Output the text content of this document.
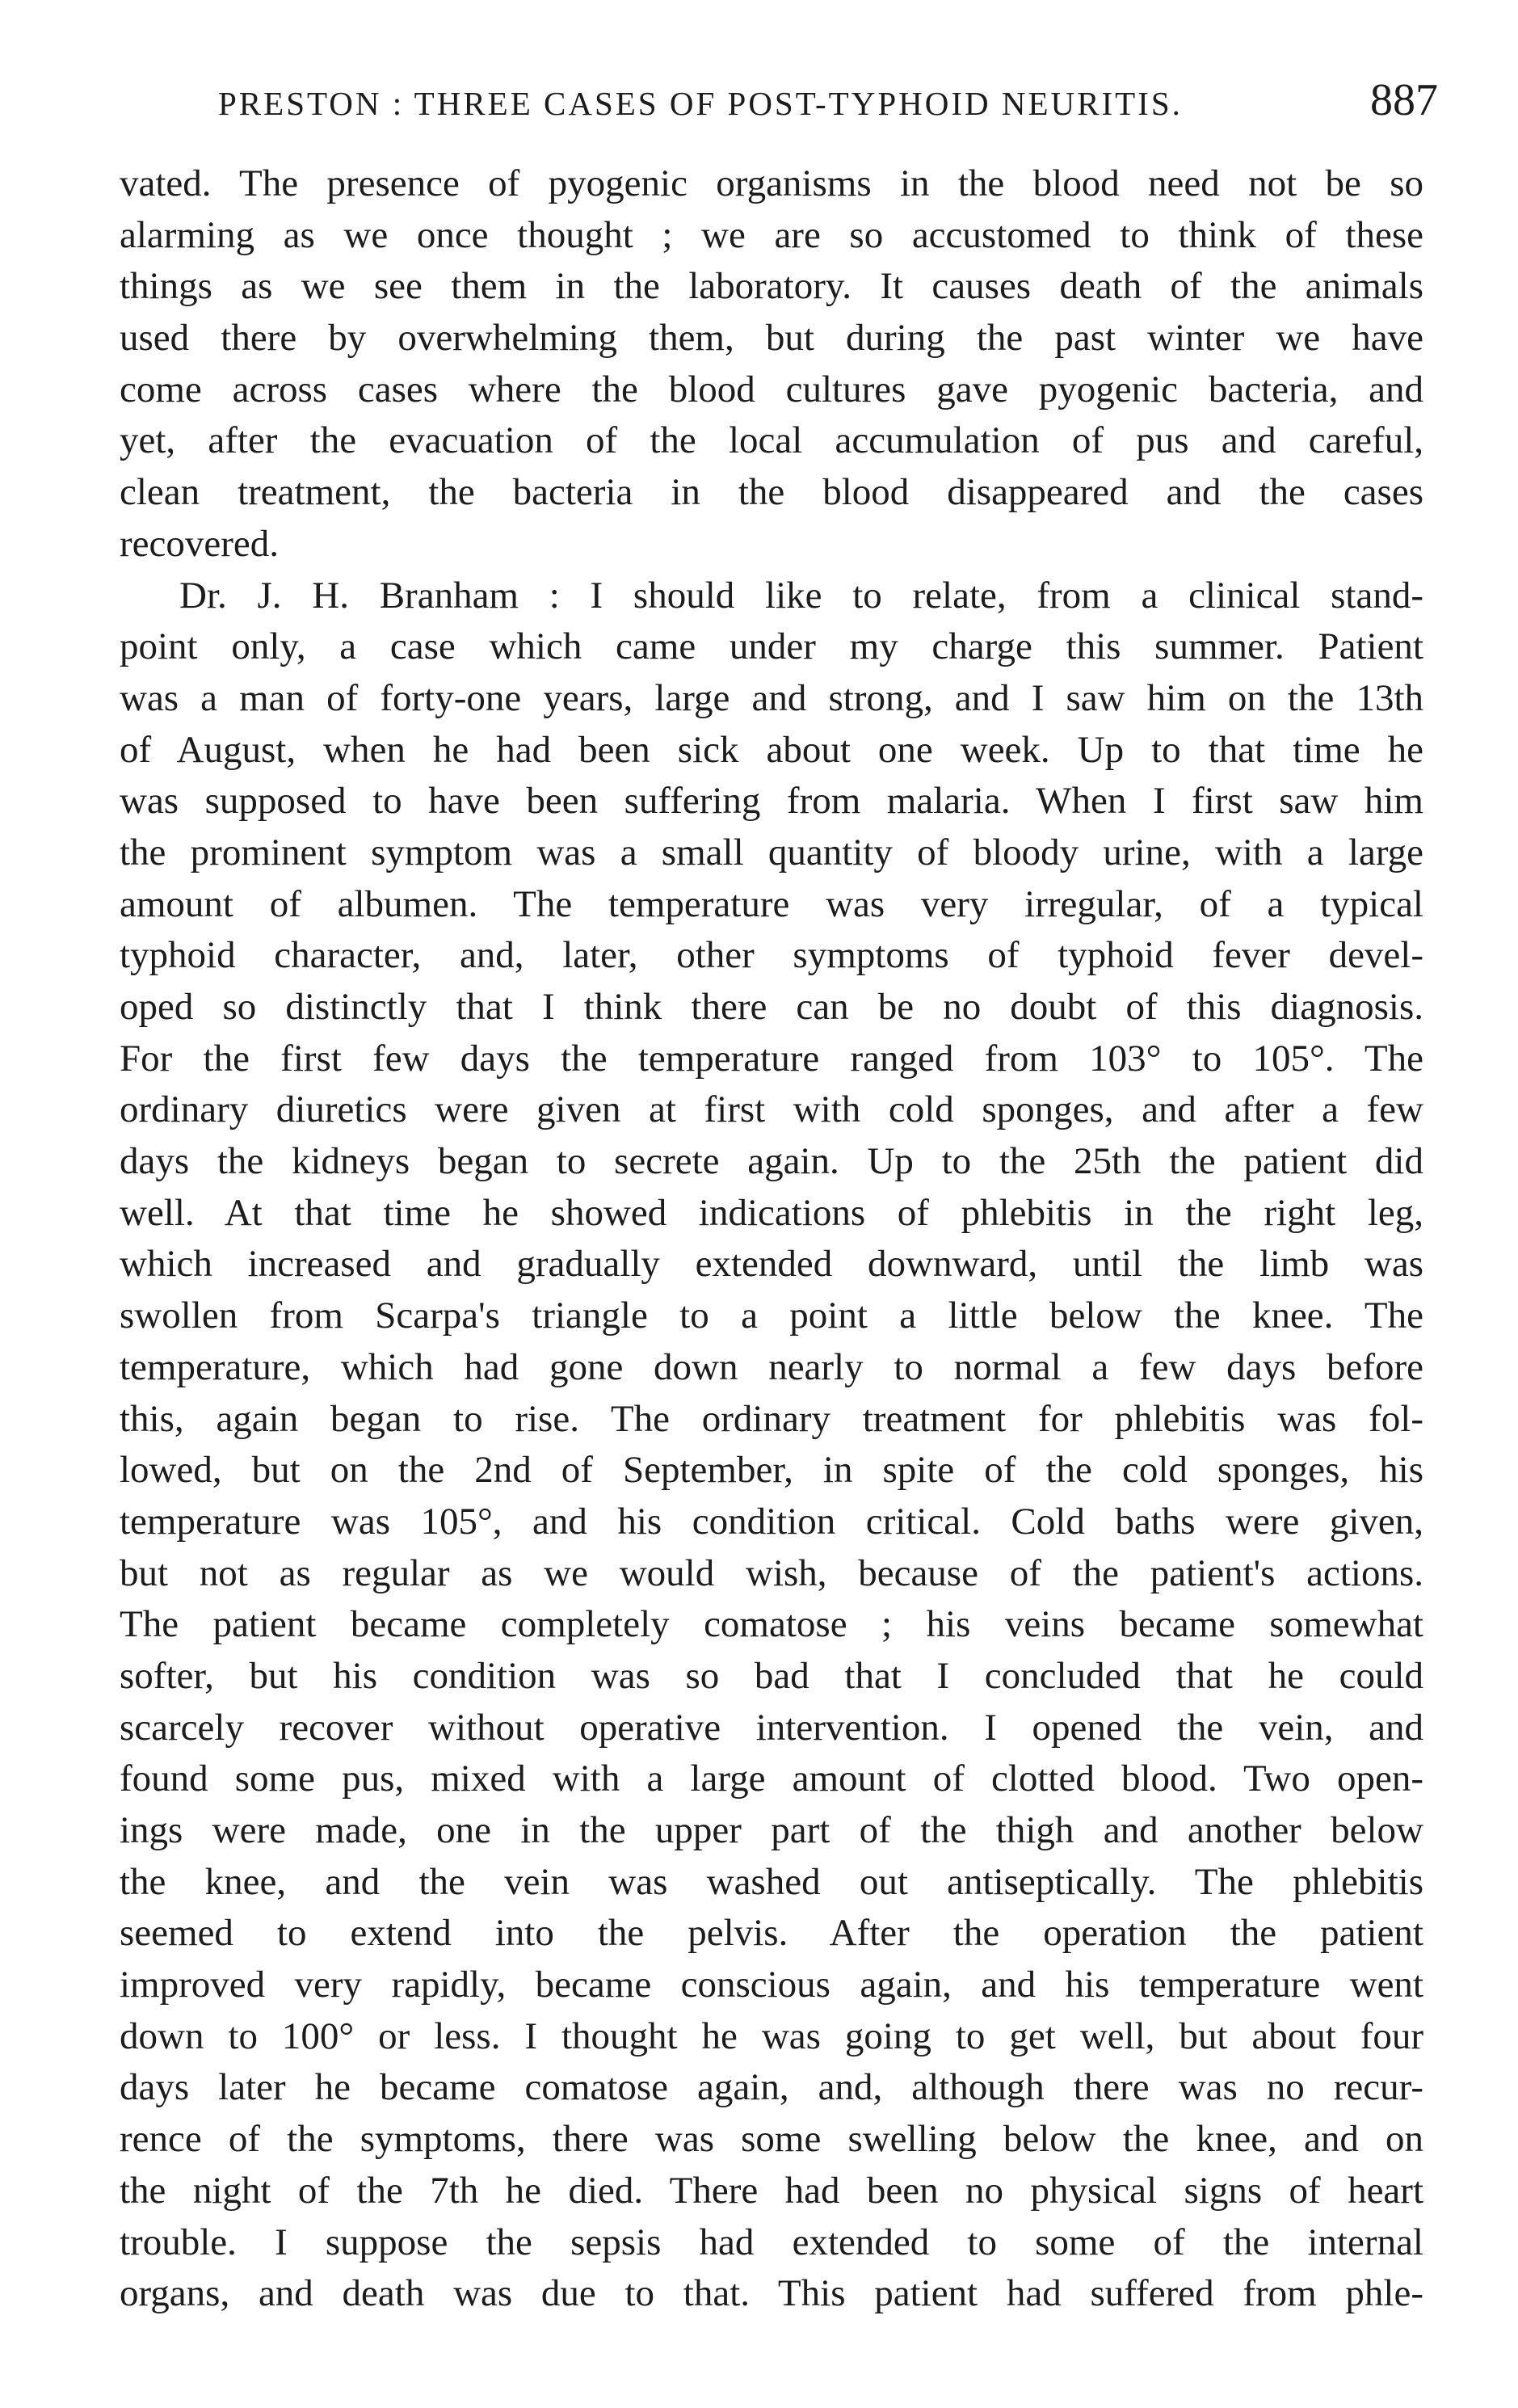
PRESTON : THREE CASES OF POST-TYPHOID NEURITIS.	887
vated. The presence of pyogenic organisms in the blood need not be so
alarming as we once thought ; we are so accustomed to think of these
things as we see them in the laboratory. It causes death of the animals
used there by overwhelming them, but during the past winter we have
come across cases where the blood cultures gave pyogenic bacteria, and
yet, after the evacuation of the local accumulation of pus and careful,
clean treatment, the bacteria in the blood disappeared and the cases
recovered.
Dr. J. H. Branham : I should like to relate, from a clinical stand-
point only, a case which came under my charge this summer. Patient
was a man of forty-one years, large and strong, and I saw him on the 13th
of August, when he had been sick about one week. Up to that time he
was supposed to have been suffering from malaria. When I first saw him
the prominent symptom was a small quantity of bloody urine, with a large
amount of albumen. The temperature was very irregular, of a typical
typhoid character, and, later, other symptoms of typhoid fever devel-
oped so distinctly that I think there can be no doubt of this diagnosis.
For the first few days the temperature ranged from 103° to 105°. The
ordinary diuretics were given at first with cold sponges, and after a few
days the kidneys began to secrete again. Up to the 25th the patient did
well. At that time he showed indications of phlebitis in the right leg,
which increased and gradually extended downward, until the limb was
swollen from Scarpa's triangle to a point a little below the knee. The
temperature, which had gone down nearly to normal a few days before
this, again began to rise. The ordinary treatment for phlebitis was fol-
lowed, but on the 2nd of September, in spite of the cold sponges, his
temperature was 105°, and his condition critical. Cold baths were given,
but not as regular as we would wish, because of the patient's actions.
The patient became completely comatose ; his veins became somewhat
softer, but his condition was so bad that I concluded that he could
scarcely recover without operative intervention. I opened the vein, and
found some pus, mixed with a large amount of clotted blood. Two open-
ings were made, one in the upper part of the thigh and another below
the knee, and the vein was washed out antiseptically. The phlebitis
seemed to extend into the pelvis. After the operation the patient
improved very rapidly, became conscious again, and his temperature went
down to 100° or less. I thought he was going to get well, but about four
days later he became comatose again, and, although there was no recur-
rence of the symptoms, there was some swelling below the knee, and on
the night of the 7th he died. There had been no physical signs of heart
trouble. I suppose the sepsis had extended to some of the internal
organs, and death was due to that. This patient had suffered from phle-
